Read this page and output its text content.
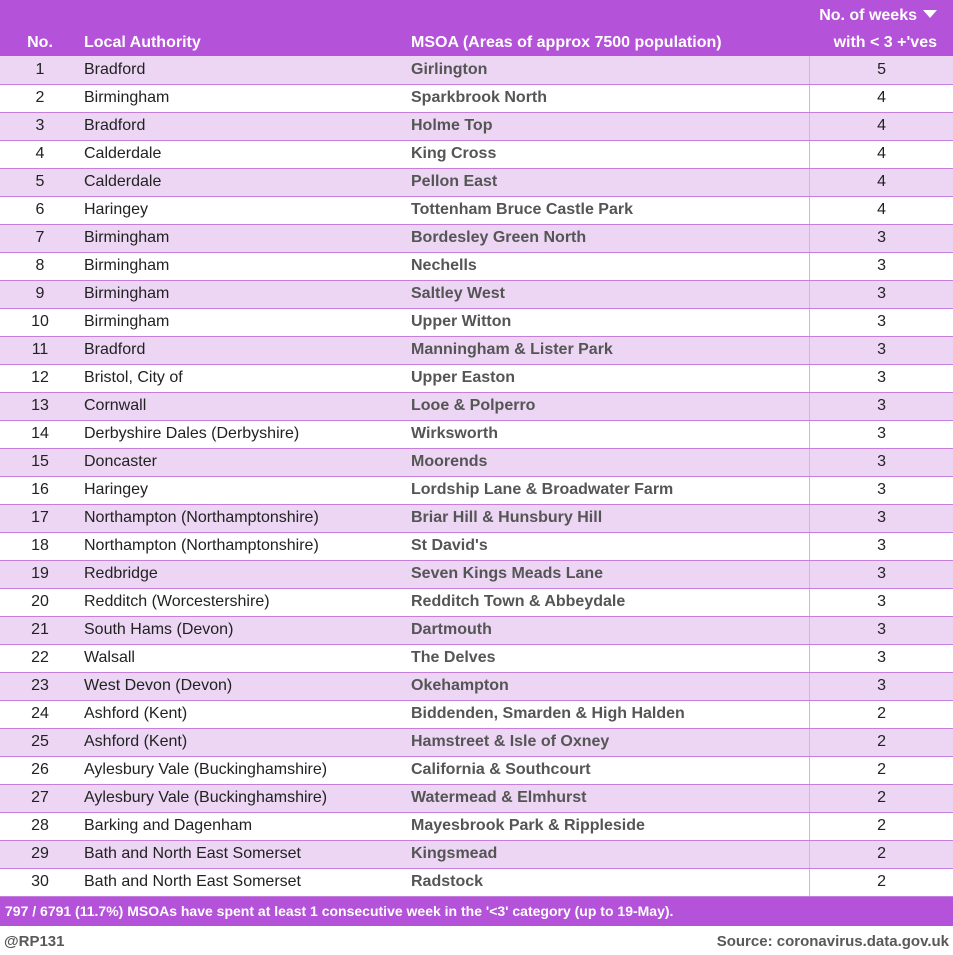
No.	Local Authority	MSOA (Areas of approx 7500 population)	No. of weeks
with < 3 +'ves
1	Bradford	Girlington	5
2	Birmingham	Sparkbrook North	4
3	Bradford	Holme Top	4
4	Calderdale	King Cross	4
5	Calderdale	Pellon East	4
6	Haringey	Tottenham Bruce Castle Park	4
7	Birmingham	Bordesley Green North	3
8	Birmingham	Nechells	3
9	Birmingham	Saltley West	3
10	Birmingham	Upper Witton	3
11	Bradford	Manningham & Lister Park	3
12	Bristol, City of	Upper Easton	3
13	Cornwall	Looe & Polperro	3
14	Derbyshire Dales (Derbyshire)	Wirksworth	3
15	Doncaster	Moorends	3
16	Haringey	Lordship Lane & Broadwater Farm	3
17	Northampton (Northamptonshire)	Briar Hill & Hunsbury Hill	3
18	Northampton (Northamptonshire)	St David's	3
19	Redbridge	Seven Kings Meads Lane	3
20	Redditch (Worcestershire)	Redditch Town & Abbeydale	3
21	South Hams (Devon)	Dartmouth	3
22	Walsall	The Delves	3
23	West Devon (Devon)	Okehampton	3
24	Ashford (Kent)	Biddenden, Smarden & High Halden	2
25	Ashford (Kent)	Hamstreet & Isle of Oxney	2
26	Aylesbury Vale (Buckinghamshire)	California & Southcourt	2
27	Aylesbury Vale (Buckinghamshire)	Watermead & Elmhurst	2
28	Barking and Dagenham	Mayesbrook Park & Rippleside	2
29	Bath and North East Somerset	Kingsmead	2
30	Bath and North East Somerset	Radstock	2
797 / 6791 (11.7%) MSOAs have spent at least 1 consecutive week in the '<3' category (up to 19-May).
@RP131	Source: coronavirus.data.gov.uk
